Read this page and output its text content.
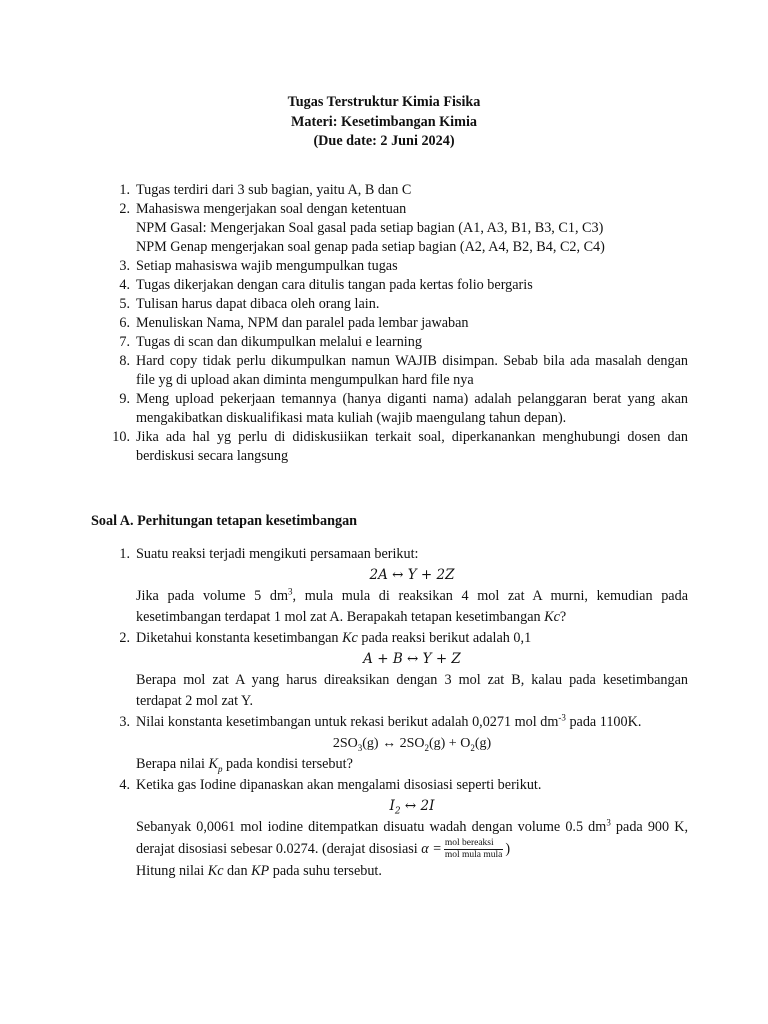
Tugas Terstruktur Kimia Fisika
Materi: Kesetimbangan Kimia
(Due date: 2 Juni 2024)
1. Tugas terdiri dari 3 sub bagian, yaitu A, B dan C
2. Mahasiswa mengerjakan soal dengan ketentuan
NPM Gasal: Mengerjakan Soal gasal pada setiap bagian (A1, A3, B1, B3, C1, C3)
NPM Genap mengerjakan soal genap pada setiap bagian (A2, A4, B2, B4, C2, C4)
3. Setiap mahasiswa wajib mengumpulkan tugas
4. Tugas dikerjakan dengan cara ditulis tangan pada kertas folio bergaris
5. Tulisan harus dapat dibaca oleh orang lain.
6. Menuliskan Nama, NPM dan paralel pada lembar jawaban
7. Tugas di scan dan dikumpulkan melalui e learning
8. Hard copy tidak perlu dikumpulkan namun WAJIB disimpan. Sebab bila ada masalah dengan file yg di upload akan diminta mengumpulkan hard file nya
9. Meng upload pekerjaan temannya (hanya diganti nama) adalah pelanggaran berat yang akan mengakibatkan diskualifikasi mata kuliah (wajib maengulang tahun depan).
10. Jika ada hal yg perlu di didiskusiikan terkait soal, diperkanankan menghubungi dosen dan berdiskusi secara langsung
Soal A. Perhitungan tetapan kesetimbangan
1. Suatu reaksi terjadi mengikuti persamaan berikut:
2A ↔ Y + 2Z
Jika pada volume 5 $dm^3$, mula mula di reaksikan 4 mol zat A murni, kemudian pada kesetimbangan terdapat 1 mol zat A. Berapakah tetapan kesetimbangan Kc?
2. Diketahui konstanta kesetimbangan Kc pada reaksi berikut adalah 0,1
A + B ↔ Y + Z
Berapa mol zat A yang harus direaksikan dengan 3 mol zat B, kalau pada kesetimbangan terdapat 2 mol zat Y.
3. Nilai konstanta kesetimbangan untuk rekasi berikut adalah 0,0271 mol $dm^{-3}$ pada 1100K.
$2SO_3(g)$ ↔ $2SO_2(g) + O_2(g)$
Berapa nilai $K_p$ pada kondisi tersebut?
4. Ketika gas Iodine dipanaskan akan mengalami disosiasi seperti berikut.
$I_2$ ↔ 2I
Sebanyak 0,0061 mol iodine ditempatkan disuatu wadah dengan volume 0.5 $dm^3$ pada 900 K, derajat disosiasi sebesar 0.0274. (derajat disosiasi $\alpha = \frac{\text{mol bereaksi}}{\text{mol mula mula}}$ )
Hitung nilai Kc dan KP pada suhu tersebut.
